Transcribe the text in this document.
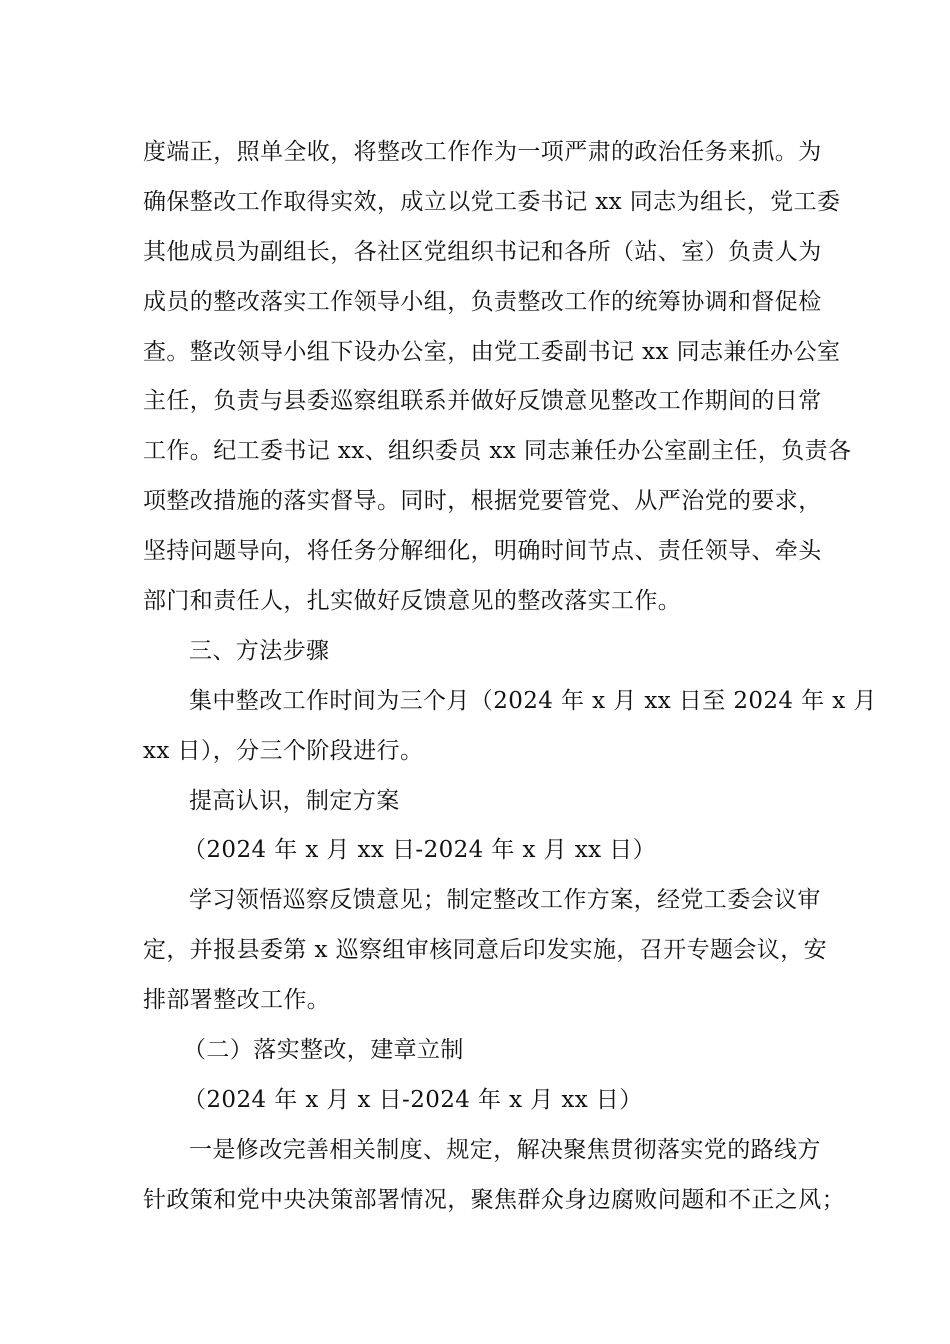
度端正，照单全收，将整改工作作为一项严肃的政治任务来抓。为
确保整改工作取得实效，成立以党工委书记 xx 同志为组长，党工委
其他成员为副组长，各社区党组织书记和各所（站、室）负责人为
成员的整改落实工作领导小组，负责整改工作的统筹协调和督促检
查。整改领导小组下设办公室，由党工委副书记 xx 同志兼任办公室
主任，负责与县委巡察组联系并做好反馈意见整改工作期间的日常
工作。纪工委书记 xx、组织委员 xx 同志兼任办公室副主任，负责各
项整改措施的落实督导。同时，根据党要管党、从严治党的要求，
坚持问题导向，将任务分解细化，明确时间节点、责任领导、牵头
部门和责任人，扎实做好反馈意见的整改落实工作。
三、方法步骤
集中整改工作时间为三个月（2024 年 x 月 xx 日至 2024 年 x 月
xx 日），分三个阶段进行。
提高认识，制定方案
（2024 年 x 月 xx 日-2024 年 x 月 xx 日）
学习领悟巡察反馈意见；制定整改工作方案，经党工委会议审
定，并报县委第 x 巡察组审核同意后印发实施，召开专题会议，安
排部署整改工作。
（二）落实整改，建章立制
（2024 年 x 月 x 日-2024 年 x 月 xx 日）
一是修改完善相关制度、规定，解决聚焦贯彻落实党的路线方
针政策和党中央决策部署情况，聚焦群众身边腐败问题和不正之风；
